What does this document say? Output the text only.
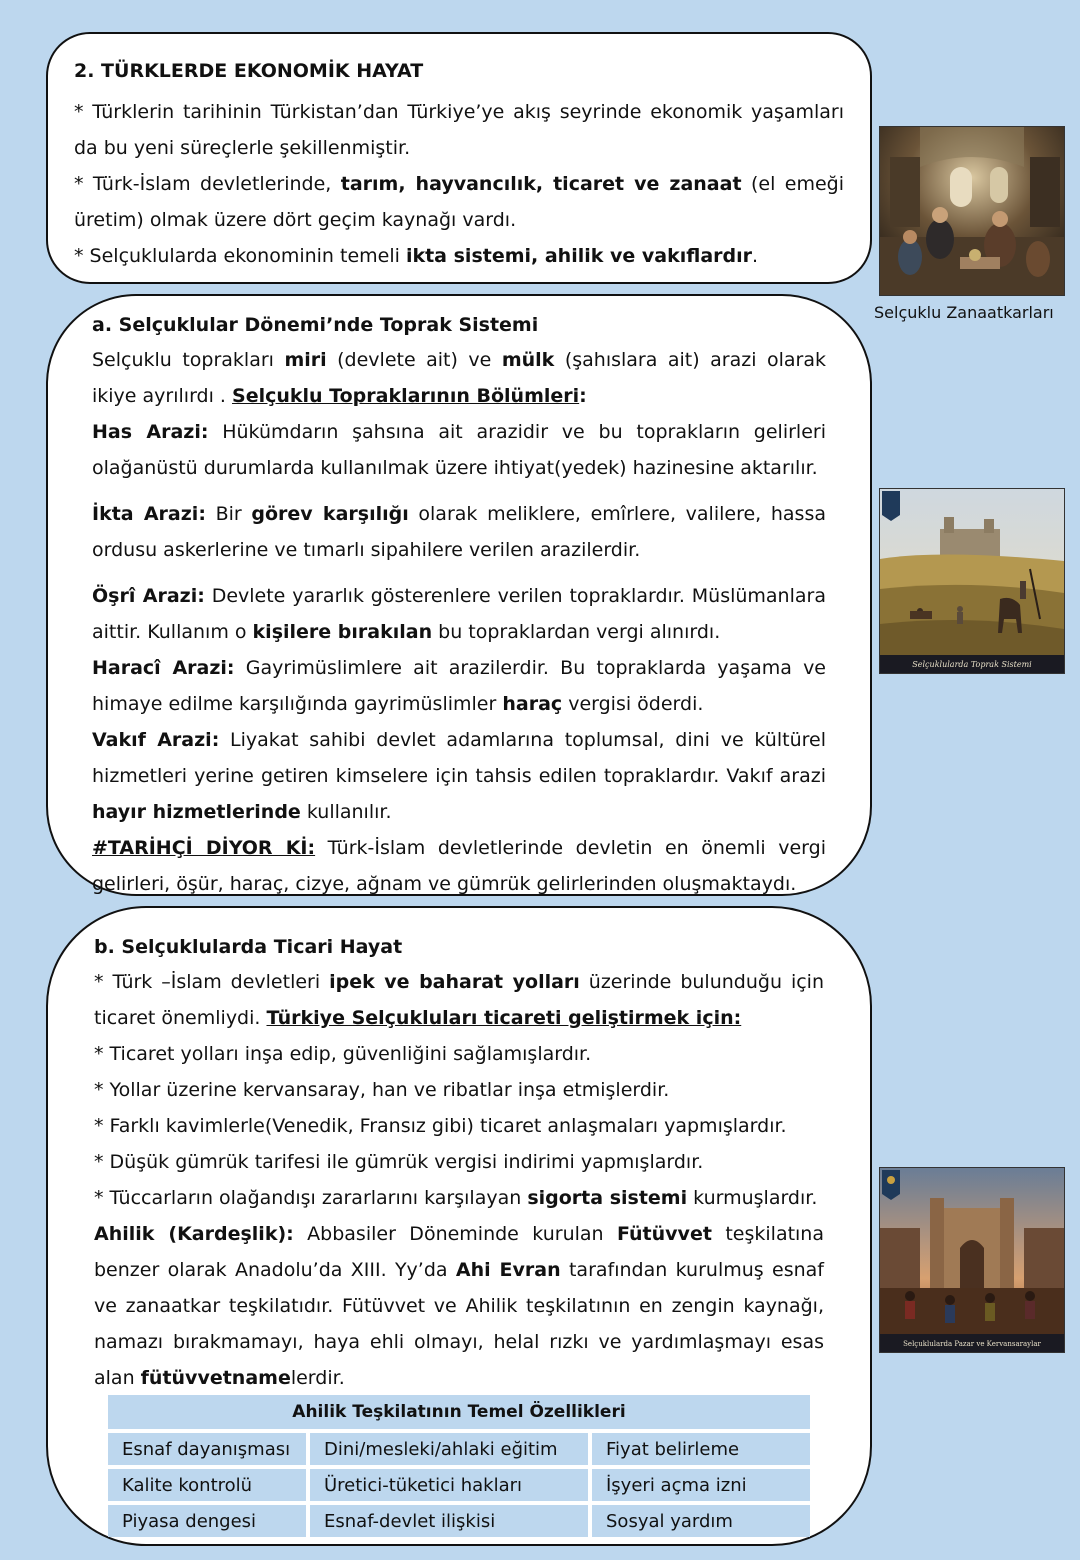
2. TÜRKLERDE EKONOMİK HAYAT

* Türklerin tarihinin Türkistan’dan Türkiye’ye akış seyrinde ekonomik yaşamları da bu yeni süreçlerle şekillenmiştir.

* Türk-İslam devletlerinde, tarım, hayvancılık, ticaret ve zanaat (el emeği üretim) olmak üzere dört geçim kaynağı vardı.

* Selçuklularda ekonominin temeli ikta sistemi, ahilik ve vakıflardır.

a. Selçuklular Dönemi’nde Toprak Sistemi

Selçuklu toprakları miri (devlete ait) ve mülk (şahıslara ait) arazi olarak ikiye ayrılırdı . Selçuklu Topraklarının Bölümleri:

Has Arazi: Hükümdarın şahsına ait arazidir ve bu toprakların gelirleri olağanüstü durumlarda kullanılmak üzere ihtiyat(yedek) hazinesine aktarılır.

İkta Arazi: Bir görev karşılığı olarak meliklere, emîrlere, valilere, hassa ordusu askerlerine ve tımarlı sipahilere verilen arazilerdir.

Öşrî Arazi: Devlete yararlık gösterenlere verilen topraklardır. Müslümanlara aittir. Kullanım o kişilere bırakılan bu topraklardan vergi alınırdı.

Haracî Arazi: Gayrimüslimlere ait arazilerdir. Bu topraklarda yaşama ve himaye edilme karşılığında gayrimüslimler haraç vergisi öderdi.

Vakıf Arazi: Liyakat sahibi devlet adamlarına toplumsal, dini ve kültürel hizmetleri yerine getiren kimselere için tahsis edilen topraklardır. Vakıf arazi hayır hizmetlerinde kullanılır.

#TARİHÇİ DİYOR Kİ: Türk-İslam devletlerinde devletin en önemli vergi gelirleri, öşür, haraç, cizye, ağnam ve gümrük gelirlerinden oluşmaktaydı.

b. Selçuklularda Ticari Hayat

* Türk –İslam devletleri ipek ve baharat yolları üzerinde bulunduğu için ticaret önemliydi. Türkiye Selçukluları ticareti geliştirmek için:

* Ticaret yolları inşa edip, güvenliğini sağlamışlardır.

* Yollar üzerine kervansaray, han ve ribatlar inşa etmişlerdir.

* Farklı kavimlerle(Venedik, Fransız gibi) ticaret anlaşmaları yapmışlardır.

* Düşük gümrük tarifesi ile gümrük vergisi indirimi yapmışlardır.

* Tüccarların olağandışı zararlarını karşılayan sigorta sistemi kurmuşlardır.

Ahilik (Kardeşlik): Abbasiler Döneminde kurulan Fütüvvet teşkilatına benzer olarak Anadolu’da XIII. Yy’da Ahi Evran tarafından kurulmuş esnaf ve zanaatkar teşkilatıdır. Fütüvvet ve Ahilik teşkilatının en zengin kaynağı, namazı bırakmamayı, haya ehli olmayı, helal rızkı ve yardımlaşmayı esas alan fütüvvetnamelerdir.

Ahilik Teşkilatının Temel Özellikleri		
Esnaf dayanışması	Dini/mesleki/ahlaki eğitim	Fiyat belirleme
Kalite kontrolü	Üretici-tüketici hakları	İşyeri açma izni
Piyasa dengesi	Esnaf-devlet ilişkisi	Sosyal yardım
Selçuklu Zanaatkarları
Selçuklularda Toprak Sistemi
Selçuklularda Pazar ve Kervansaraylar
